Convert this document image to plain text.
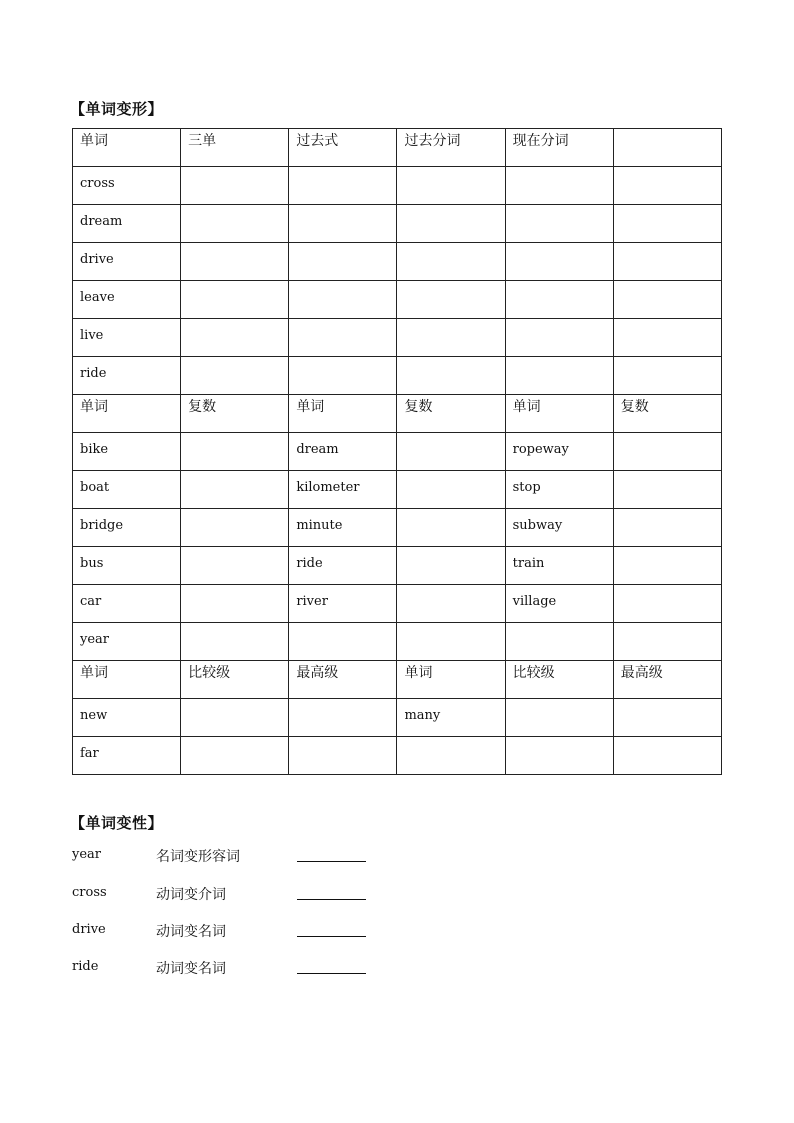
【单词变形】
单词	三单	过去式	过去分词	现在分词	
cross					
dream					
drive					
leave					
live					
ride					
单词	复数	单词	复数	单词	复数
bike		dream		ropeway	
boat		kilometer		stop	
bridge		minute		subway	
bus		ride		train	
car		river		village	
year					
单词	比较级	最高级	单词	比较级	最高级
new			many		
far					
【单词变性】
year	名词变形容词
cross	动词变介词
drive	动词变名词
ride	动词变名词
